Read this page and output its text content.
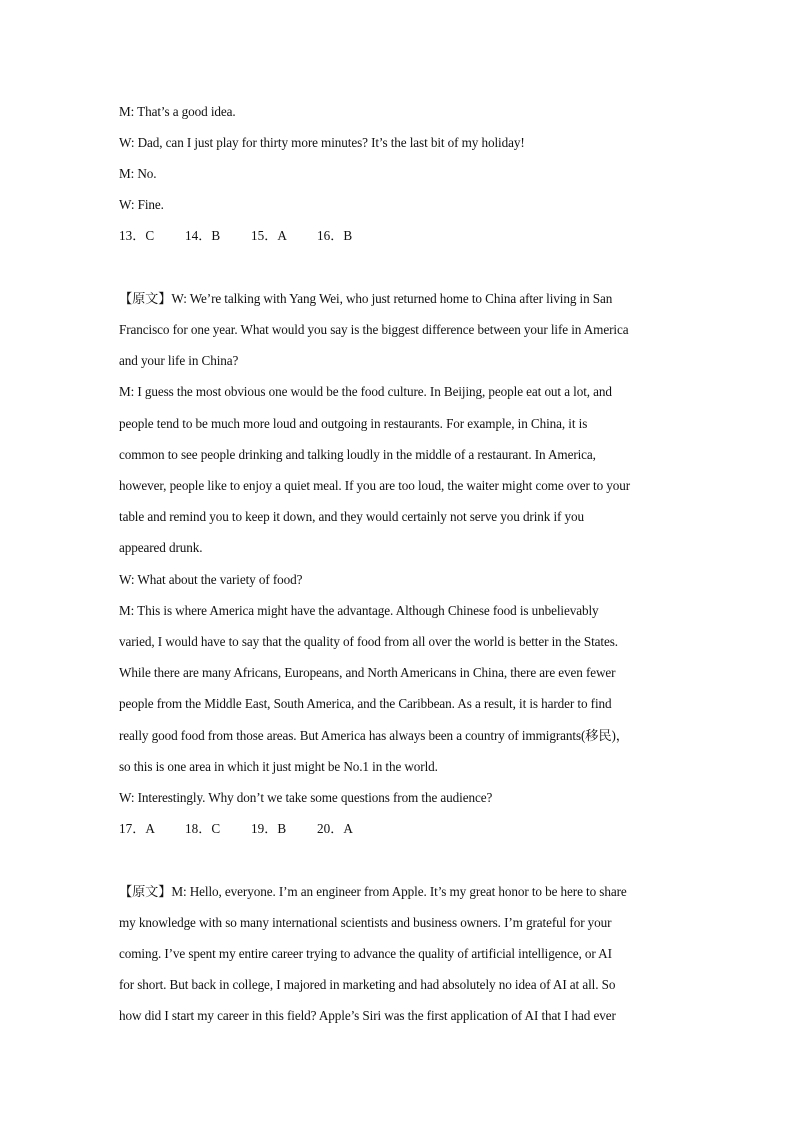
M: That’s a good idea.
W: Dad, can I just play for thirty more minutes? It’s the last bit of my holiday!
M: No.
W: Fine.
13．C 14．B 15．A 16．B
【原文】W: We’re talking with Yang Wei, who just returned home to China after living in San
Francisco for one year. What would you say is the biggest difference between your life in America
and your life in China?
M: I guess the most obvious one would be the food culture. In Beijing, people eat out a lot, and
people tend to be much more loud and outgoing in restaurants. For example, in China, it is
common to see people drinking and talking loudly in the middle of a restaurant. In America,
however, people like to enjoy a quiet meal. If you are too loud, the waiter might come over to your
table and remind you to keep it down, and they would certainly not serve you drink if you
appeared drunk.
W: What about the variety of food?
M: This is where America might have the advantage. Although Chinese food is unbelievably
varied, I would have to say that the quality of food from all over the world is better in the States.
While there are many Africans, Europeans, and North Americans in China, there are even fewer
people from the Middle East, South America, and the Caribbean. As a result, it is harder to find
really good food from those areas. But America has always been a country of immigrants(移民)，
so this is one area in which it just might be No.1 in the world.
W: Interestingly. Why don’t we take some questions from the audience?
17．A 18．C 19．B 20．A
【原文】M: Hello, everyone. I’m an engineer from Apple. It’s my great honor to be here to share
my knowledge with so many international scientists and business owners. I’m grateful for your
coming. I’ve spent my entire career trying to advance the quality of artificial intelligence, or AI
for short. But back in college, I majored in marketing and had absolutely no idea of AI at all. So
how did I start my career in this field? Apple’s Siri was the first application of AI that I had ever
